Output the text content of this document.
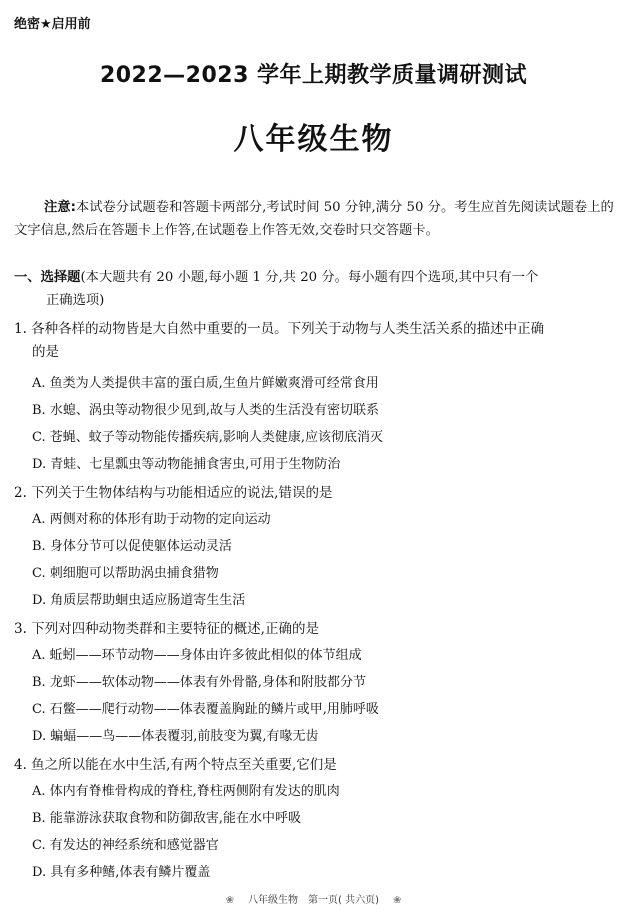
绝密★启用前
2022—2023 学年上期教学质量调研测试
八年级生物
注意:本试卷分试题卷和答题卡两部分,考试时间 50 分钟,满分 50 分。考生应首先阅读试题卷上的文字信息,然后在答题卡上作答,在试题卷上作答无效,交卷时只交答题卡。
一、选择题(本大题共有 20 小题,每小题 1 分,共 20 分。每小题有四个选项,其中只有一个
正确选项)
1. 各种各样的动物皆是大自然中重要的一员。下列关于动物与人类生活关系的描述中正确
的是
A. 鱼类为人类提供丰富的蛋白质,生鱼片鲜嫩爽滑可经常食用
B. 水螅、涡虫等动物很少见到,故与人类的生活没有密切联系
C. 苍蝇、蚊子等动物能传播疾病,影响人类健康,应该彻底消灭
D. 青蛙、七星瓢虫等动物能捕食害虫,可用于生物防治
2. 下列关于生物体结构与功能相适应的说法,错误的是
A. 两侧对称的体形有助于动物的定向运动
B. 身体分节可以促使躯体运动灵活
C. 刺细胞可以帮助涡虫捕食猎物
D. 角质层帮助蛔虫适应肠道寄生生活
3. 下列对四种动物类群和主要特征的概述,正确的是
A. 蚯蚓——环节动物——身体由许多彼此相似的体节组成
B. 龙虾——软体动物——体表有外骨骼,身体和附肢都分节
C. 石鳖——爬行动物——体表覆盖胸趾的鳞片或甲,用肺呼吸
D. 蝙蝠——鸟——体表覆羽,前肢变为翼,有喙无齿
4. 鱼之所以能在水中生活,有两个特点至关重要,它们是
A. 体内有脊椎骨构成的脊柱,脊柱两侧附有发达的肌肉
B. 能靠游泳获取食物和防御敌害,能在水中呼吸
C. 有发达的神经系统和感觉器官
D. 具有多种鳍,体表有鳞片覆盖
❀ 八年级生物　第一页( 共六页) ❀
